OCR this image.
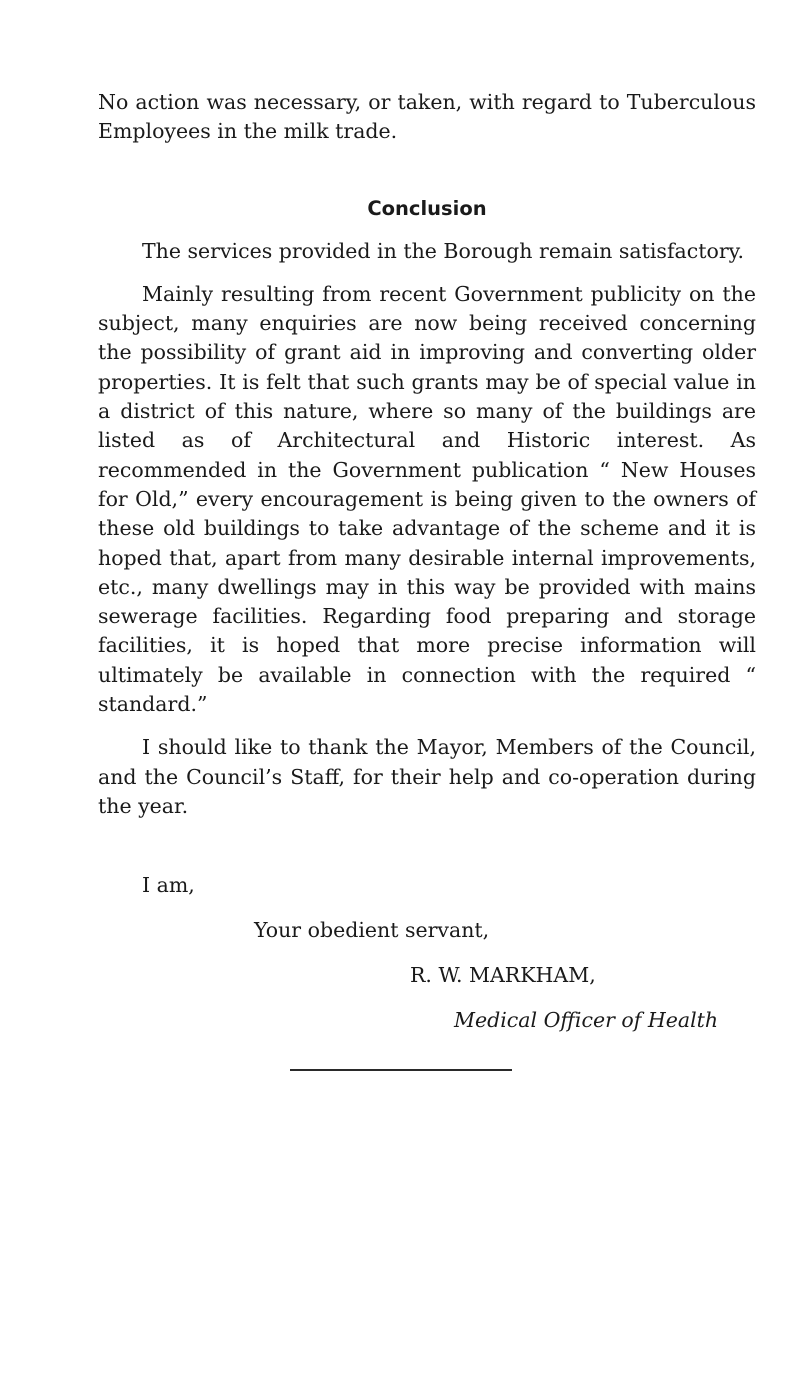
No action was necessary, or taken, with regard to Tuberculous Employees in the milk trade.

Conclusion

The services provided in the Borough remain satisfactory.

Mainly resulting from recent Government publicity on the subject, many enquiries are now being received concerning the possibility of grant aid in improving and converting older properties. It is felt that such grants may be of special value in a district of this nature, where so many of the buildings are listed as of Architectural and Historic interest. As recommended in the Government publication “ New Houses for Old,” every encouragement is being given to the owners of these old buildings to take advantage of the scheme and it is hoped that, apart from many desirable internal improvements, etc., many dwellings may in this way be provided with mains sewerage facilities. Regarding food preparing and storage facilities, it is hoped that more precise information will ultimately be available in connection with the required “ standard.”

I should like to thank the Mayor, Members of the Council, and the Council’s Staff, for their help and co-operation during the year.

I am,
Your obedient servant,
R. W. MARKHAM,
Medical Officer of Health
